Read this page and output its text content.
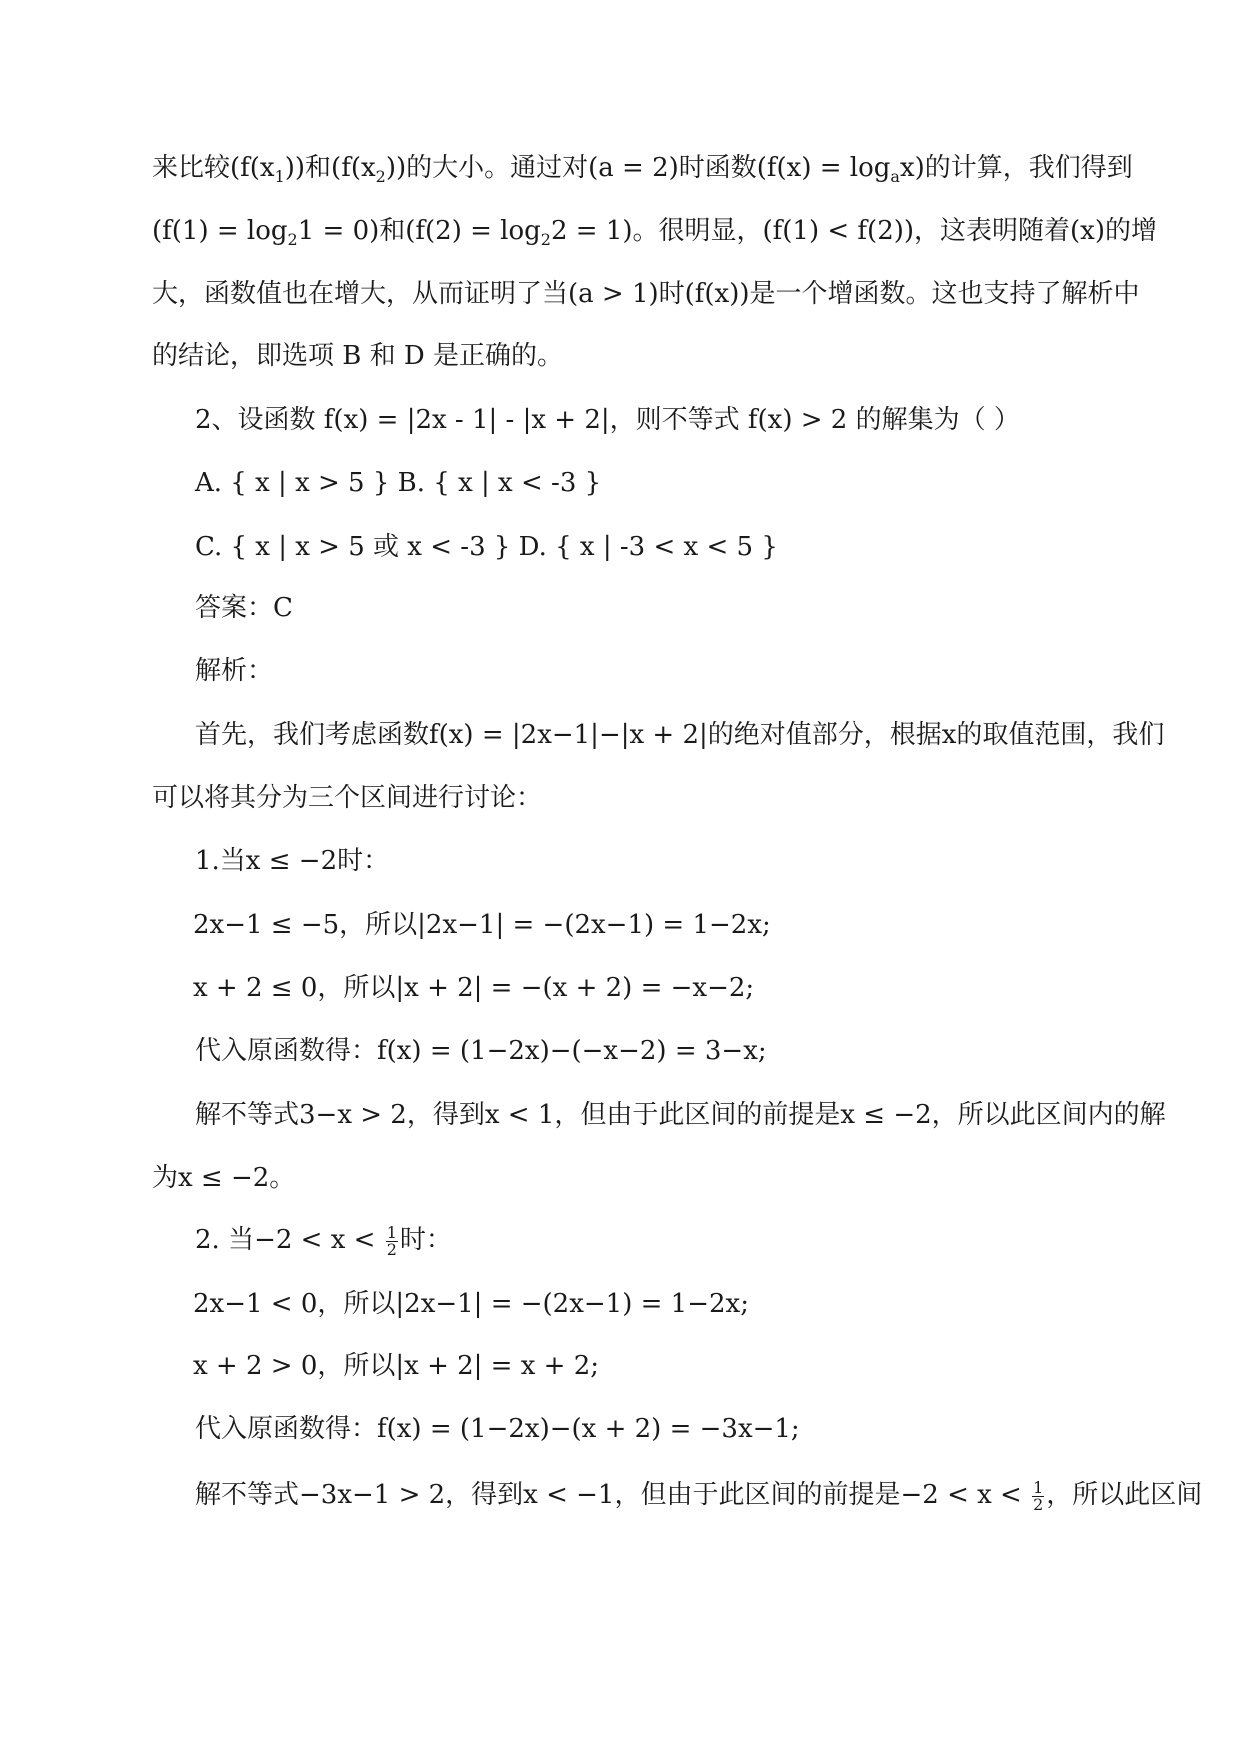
来比较$(f(x_1))$和$(f(x_2))$的大小。通过对(a = 2)时函数$(f(x) = \log_ax)$的计算，我们得到
$(f(1) = \log_21 = 0)$和$(f(2) = \log_22 = 1)$。很明显，(f(1) < f(2))，这表明随着(x)的增
大，函数值也在增大，从而证明了当(a > 1)时(f(x))是一个增函数。这也支持了解析中
的结论，即选项 B 和 D 是正确的。
2、设函数 f(x) = |2x - 1| - |x + 2|，则不等式 f(x) > 2 的解集为（ ）
A. { x | x > 5 } B. { x | x < -3 }
C. { x | x > 5 或 x < -3 } D. { x | -3 < x < 5 }
答案：C
解析：
首先，我们考虑函数f(x) = |2x−1|−|x + 2|的绝对值部分，根据x的取值范围，我们
可以将其分为三个区间进行讨论：
1.当x ≤ −2时：
2x−1 ≤ −5，所以|2x−1| = −(2x−1) = 1−2x;
x + 2 ≤ 0，所以|x + 2| = −(x + 2) = −x−2;
代入原函数得：f(x) = (1−2x)−(−x−2) = 3−x;
解不等式3−x > 2，得到x < 1，但由于此区间的前提是x ≤ −2，所以此区间内的解
为x ≤ −2。
2. 当$-2 < x < \frac{1}{2}$ 时：
2x−1 < 0，所以|2x−1| = −(2x−1) = 1−2x;
x + 2 > 0，所以|x + 2| = x + 2;
代入原函数得：f(x) = (1−2x)−(x + 2) = −3x−1;
解不等式−3x−1 > 2，得到x < −1，但由于此区间的前提是$-2 < x < \frac{1}{2}$ ，所以此区间
